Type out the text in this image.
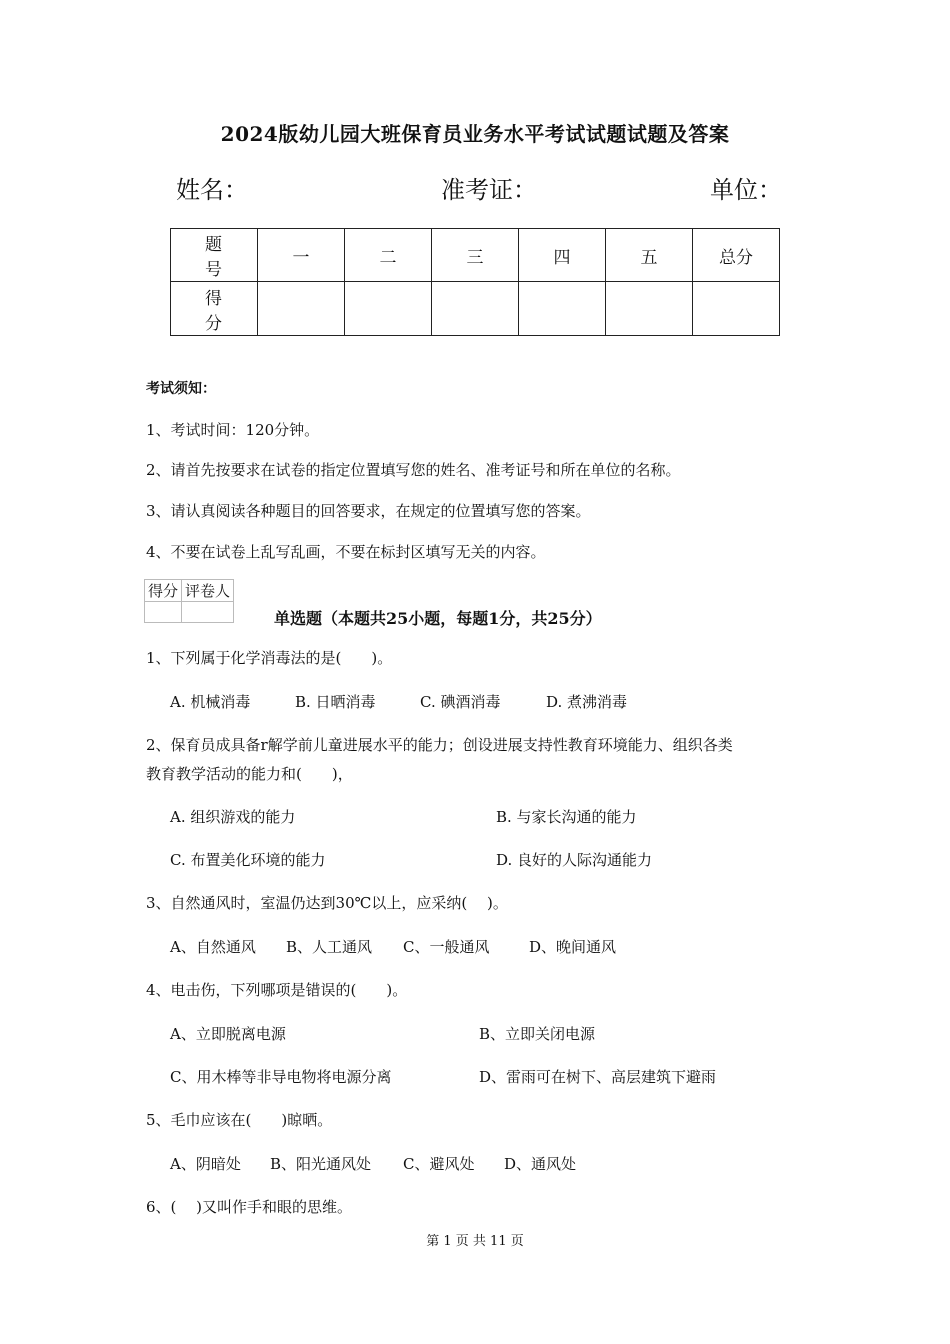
2024版幼儿园大班保育员业务水平考试试题试题及答案
姓名：	准考证：	单位：
题 号	一	二	三	四	五	总分
得 分						
考试须知：
1、考试时间：120分钟。
2、请首先按要求在试卷的指定位置填写您的姓名、准考证号和所在单位的名称。
3、请认真阅读各种题目的回答要求，在规定的位置填写您的答案。
4、不要在试卷上乱写乱画，不要在标封区填写无关的内容。
得分	评卷人

单选题（本题共25小题，每题1分，共25分）
1、下列属于化学消毒法的是(　　)。
A. 机械消毒	B. 日晒消毒	C. 碘酒消毒	D. 煮沸消毒
2、保育员成具备r解学前儿童进展水平的能力；创设进展支持性教育环境能力、组织各类
教育教学活动的能力和(　　)，
A. 组织游戏的能力	B. 与家长沟通的能力
C. 布置美化环境的能力	D. 良好的人际沟通能力
3、自然通风时，室温仍达到30℃以上，应采纳(　 )。
A、自然通风 B、人工通风 C、一般通风	D、晚间通风
4、电击伤，下列哪项是错误的(　　)。
A、立即脱离电源	B、立即关闭电源
C、用木棒等非导电物将电源分离	D、雷雨可在树下、高层建筑下避雨
5、毛巾应该在(　　)晾晒。
A、阴暗处 B、阳光通风处 C、避风处 D、通风处
6、(　 )又叫作手和眼的思维。
第 1 页 共 11 页
